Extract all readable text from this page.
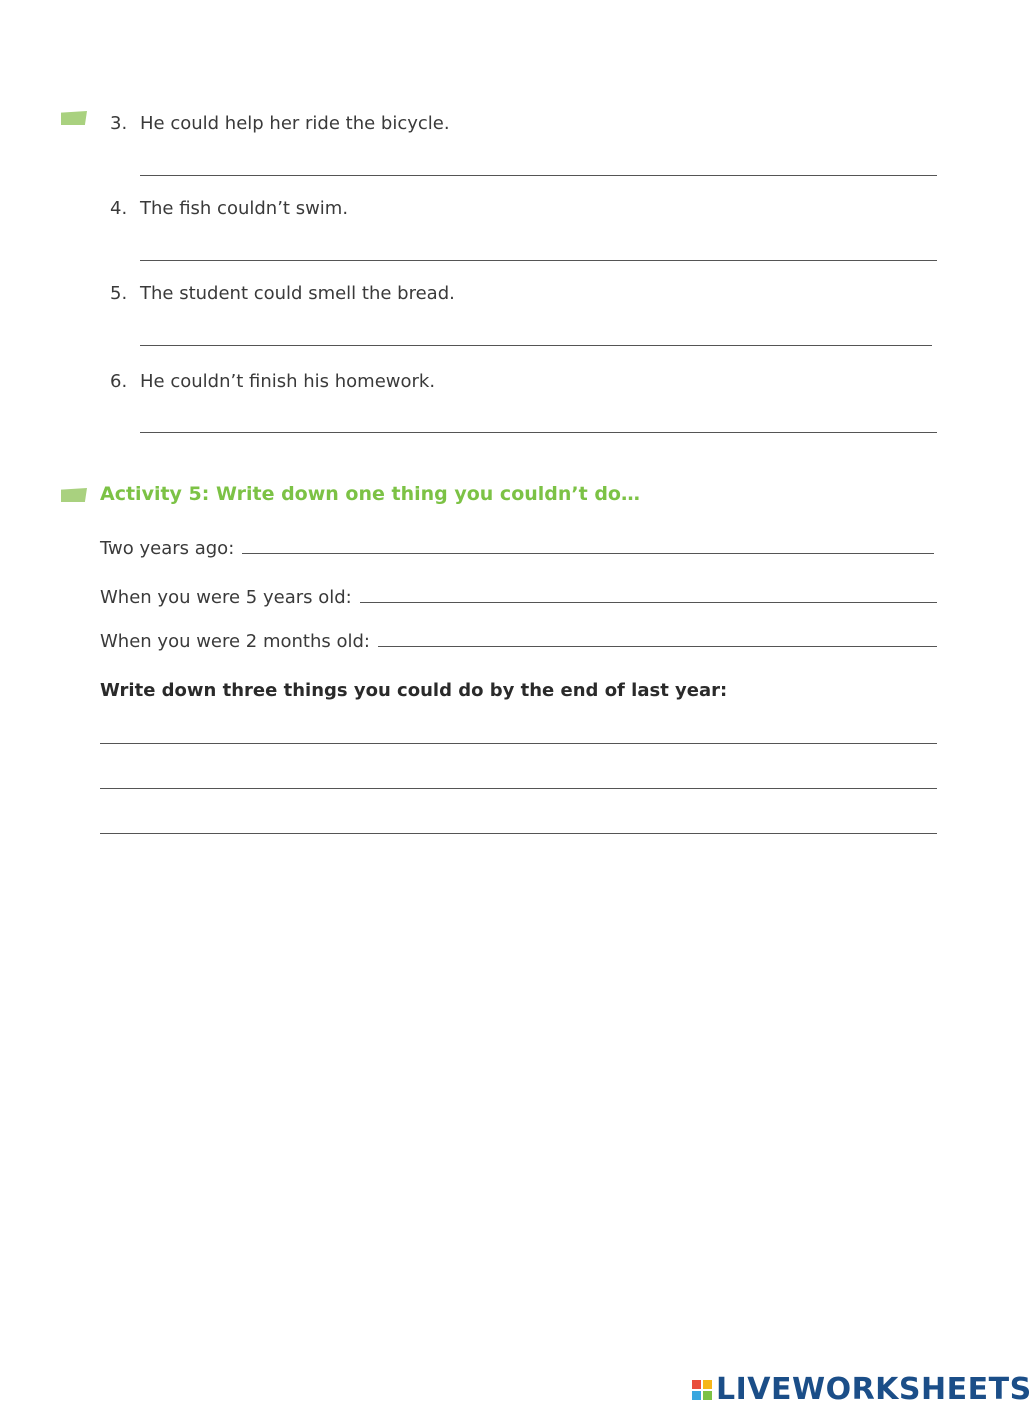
3. He could help her ride the bicycle.
4. The fish couldn’t swim.
5. The student could smell the bread.
6. He couldn’t finish his homework.
Activity 5: Write down one thing you couldn’t do…
Two years ago:
When you were 5 years old:
When you were 2 months old:
Write down three things you could do by the end of last year:
LIVEWORKSHEETS
